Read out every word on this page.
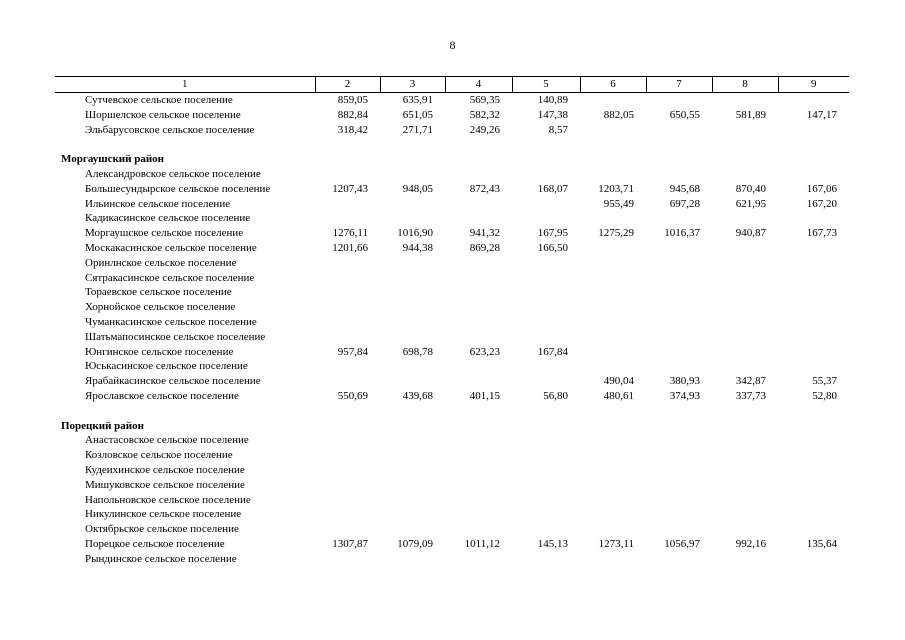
8
1	2	3	4	5	6	7	8	9
Сутчевское сельское поселение	859,05	635,91	569,35	140,89				
Шоршелское сельское поселение	882,84	651,05	582,32	147,38	882,05	650,55	581,89	147,17
Эльбарусовское сельское поселение	318,42	271,71	249,26	8,57				

Моргаушский район								
Александровское сельское поселение								
Большесундырское сельское поселение	1207,43	948,05	872,43	168,07	1203,71	945,68	870,40	167,06
Ильинское сельское поселение					955,49	697,28	621,95	167,20
Кадикасинское сельское поселение								
Моргаушское сельское поселение	1276,11	1016,90	941,32	167,95	1275,29	1016,37	940,87	167,73
Москакасинское сельское поселение	1201,66	944,38	869,28	166,50				
Оринлнское сельское поселение								
Сятракасинское сельское поселение								
Тораевское сельское поселение								
Хорнойское сельское поселение								
Чуманкасинское сельское поселение								
Шатьмапосинское сельское поселение								
Юнгинское сельское поселение	957,84	698,78	623,23	167,84				
Юськасинское сельское поселение								
Ярабайкасинское сельское поселение					490,04	380,93	342,87	55,37
Ярославское сельское поселение	550,69	439,68	401,15	56,80	480,61	374,93	337,73	52,80

Порецкий район								
Анастасовское сельское поселение								
Козловское сельское поселение								
Кудеихинское сельское поселение								
Мишуковское сельское поселение								
Напольновское сельское поселение								
Никулинское сельское поселение								
Октябрьское сельское поселение								
Порецкое сельское поселение	1307,87	1079,09	1011,12	145,13	1273,11	1056,97	992,16	135,64
Рындинское сельское поселение								
